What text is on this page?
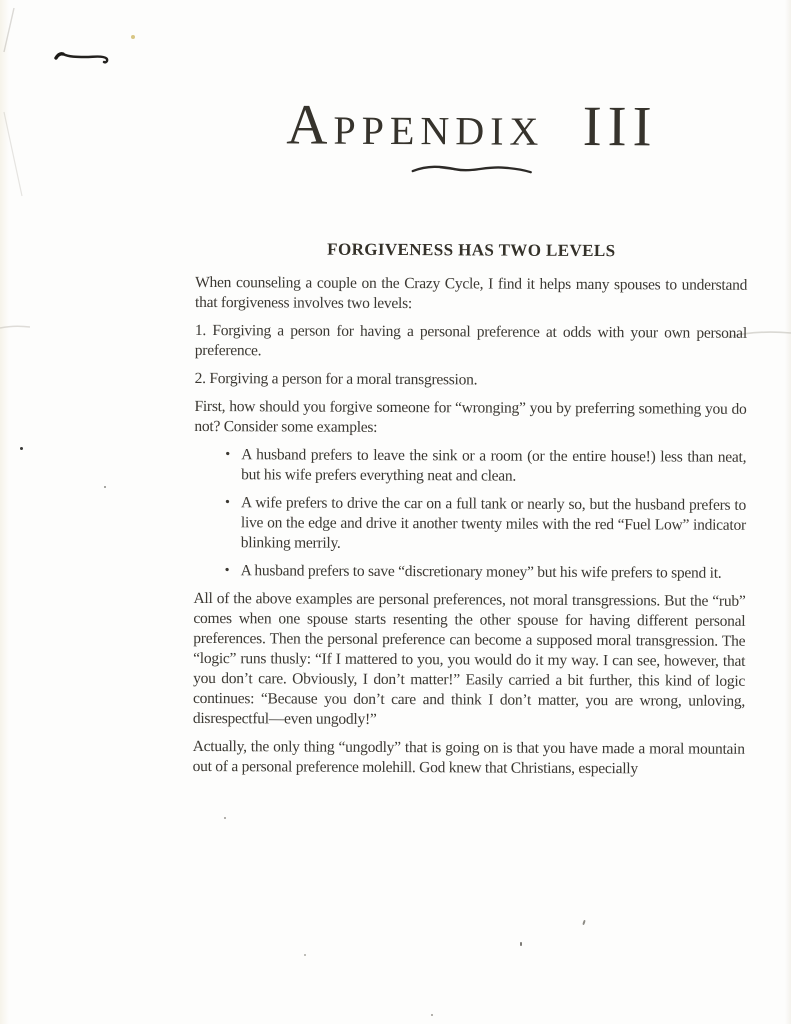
Appendix III
FORGIVENESS HAS TWO LEVELS

When counseling a couple on the Crazy Cycle, I find it helps many spouses to understand that forgiveness involves two levels:

1. Forgiving a person for having a personal preference at odds with your own personal preference.

2. Forgiving a person for a moral transgression.

First, how should you forgive someone for “wronging” you by preferring something you do not? Consider some examples:

• A husband prefers to leave the sink or a room (or the entire house!) less than neat, but his wife prefers everything neat and clean.
• A wife prefers to drive the car on a full tank or nearly so, but the husband prefers to live on the edge and drive it another twenty miles with the red “Fuel Low” indicator blinking merrily.
• A husband prefers to save “discretionary money” but his wife prefers to spend it.

All of the above examples are personal preferences, not moral transgressions. But the “rub” comes when one spouse starts resenting the other spouse for having different personal preferences. Then the personal preference can become a supposed moral transgression. The “logic” runs thusly: “If I mattered to you, you would do it my way. I can see, however, that you don’t care. Obviously, I don’t matter!” Easily carried a bit further, this kind of logic continues: “Because you don’t care and think I don’t matter, you are wrong, unloving, disrespectful—even ungodly!”

Actually, the only thing “ungodly” that is going on is that you have made a moral mountain out of a personal preference molehill. God knew that Christians, especially
